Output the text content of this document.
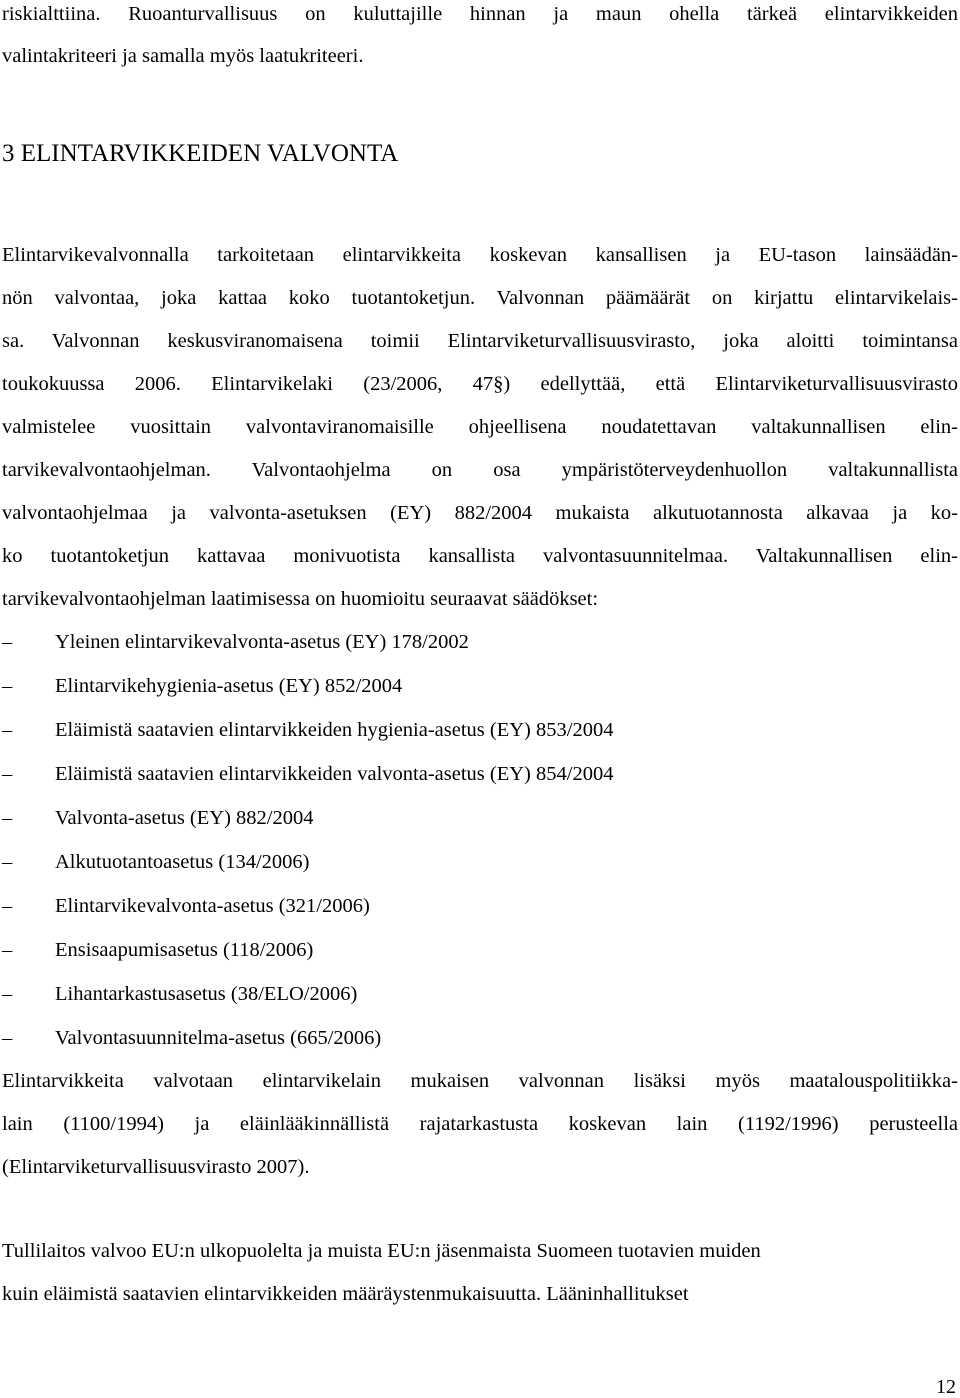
riskialttiina. Ruoanturvallisuus on kuluttajille hinnan ja maun ohella tärkeä elintarvikkeiden
valintakriteeri ja samalla myös laatukriteeri.
3 ELINTARVIKKEIDEN VALVONTA
Elintarvikevalvonnalla tarkoitetaan elintarvikkeita koskevan kansallisen ja EU-tason lainsäädän-
nön valvontaa, joka kattaa koko tuotantoketjun. Valvonnan päämäärät on kirjattu elintarvikelais-
sa. Valvonnan keskusviranomaisena toimii Elintarviketurvallisuusvirasto, joka aloitti toimintansa
toukokuussa 2006. Elintarvikelaki (23/2006, 47§) edellyttää, että Elintarviketurvallisuusvirasto
valmistelee vuosittain valvontaviranomaisille ohjeellisena noudatettavan valtakunnallisen elin-
tarvikevalvontaohjelman. Valvontaohjelma on osa ympäristöterveydenhuollon valtakunnallista
valvontaohjelmaa ja valvonta-asetuksen (EY) 882/2004 mukaista alkutuotannosta alkavaa ja ko-
ko tuotantoketjun kattavaa monivuotista kansallista valvontasuunnitelmaa. Valtakunnallisen elin-
tarvikevalvontaohjelman laatimisessa on huomioitu seuraavat säädökset:
–	Yleinen elintarvikevalvonta-asetus (EY) 178/2002
–	Elintarvikehygienia-asetus (EY) 852/2004
–	Eläimistä saatavien elintarvikkeiden hygienia-asetus (EY) 853/2004
–	Eläimistä saatavien elintarvikkeiden valvonta-asetus (EY) 854/2004
–	Valvonta-asetus (EY) 882/2004
–	Alkutuotantoasetus (134/2006)
–	Elintarvikevalvonta-asetus (321/2006)
–	Ensisaapumisasetus (118/2006)
–	Lihantarkastusasetus (38/ELO/2006)
–	Valvontasuunnitelma-asetus (665/2006)
Elintarvikkeita valvotaan elintarvikelain mukaisen valvonnan lisäksi myös maatalouspolitiikka-
lain (1100/1994) ja eläinlääkinnällistä rajatarkastusta koskevan lain (1192/1996) perusteella
(Elintarviketurvallisuusvirasto 2007).
Tullilaitos valvoo EU:n ulkopuolelta ja muista EU:n jäsenmaista Suomeen tuotavien muiden
kuin eläimistä saatavien elintarvikkeiden määräystenmukaisuutta. Lääninhallitukset
12
